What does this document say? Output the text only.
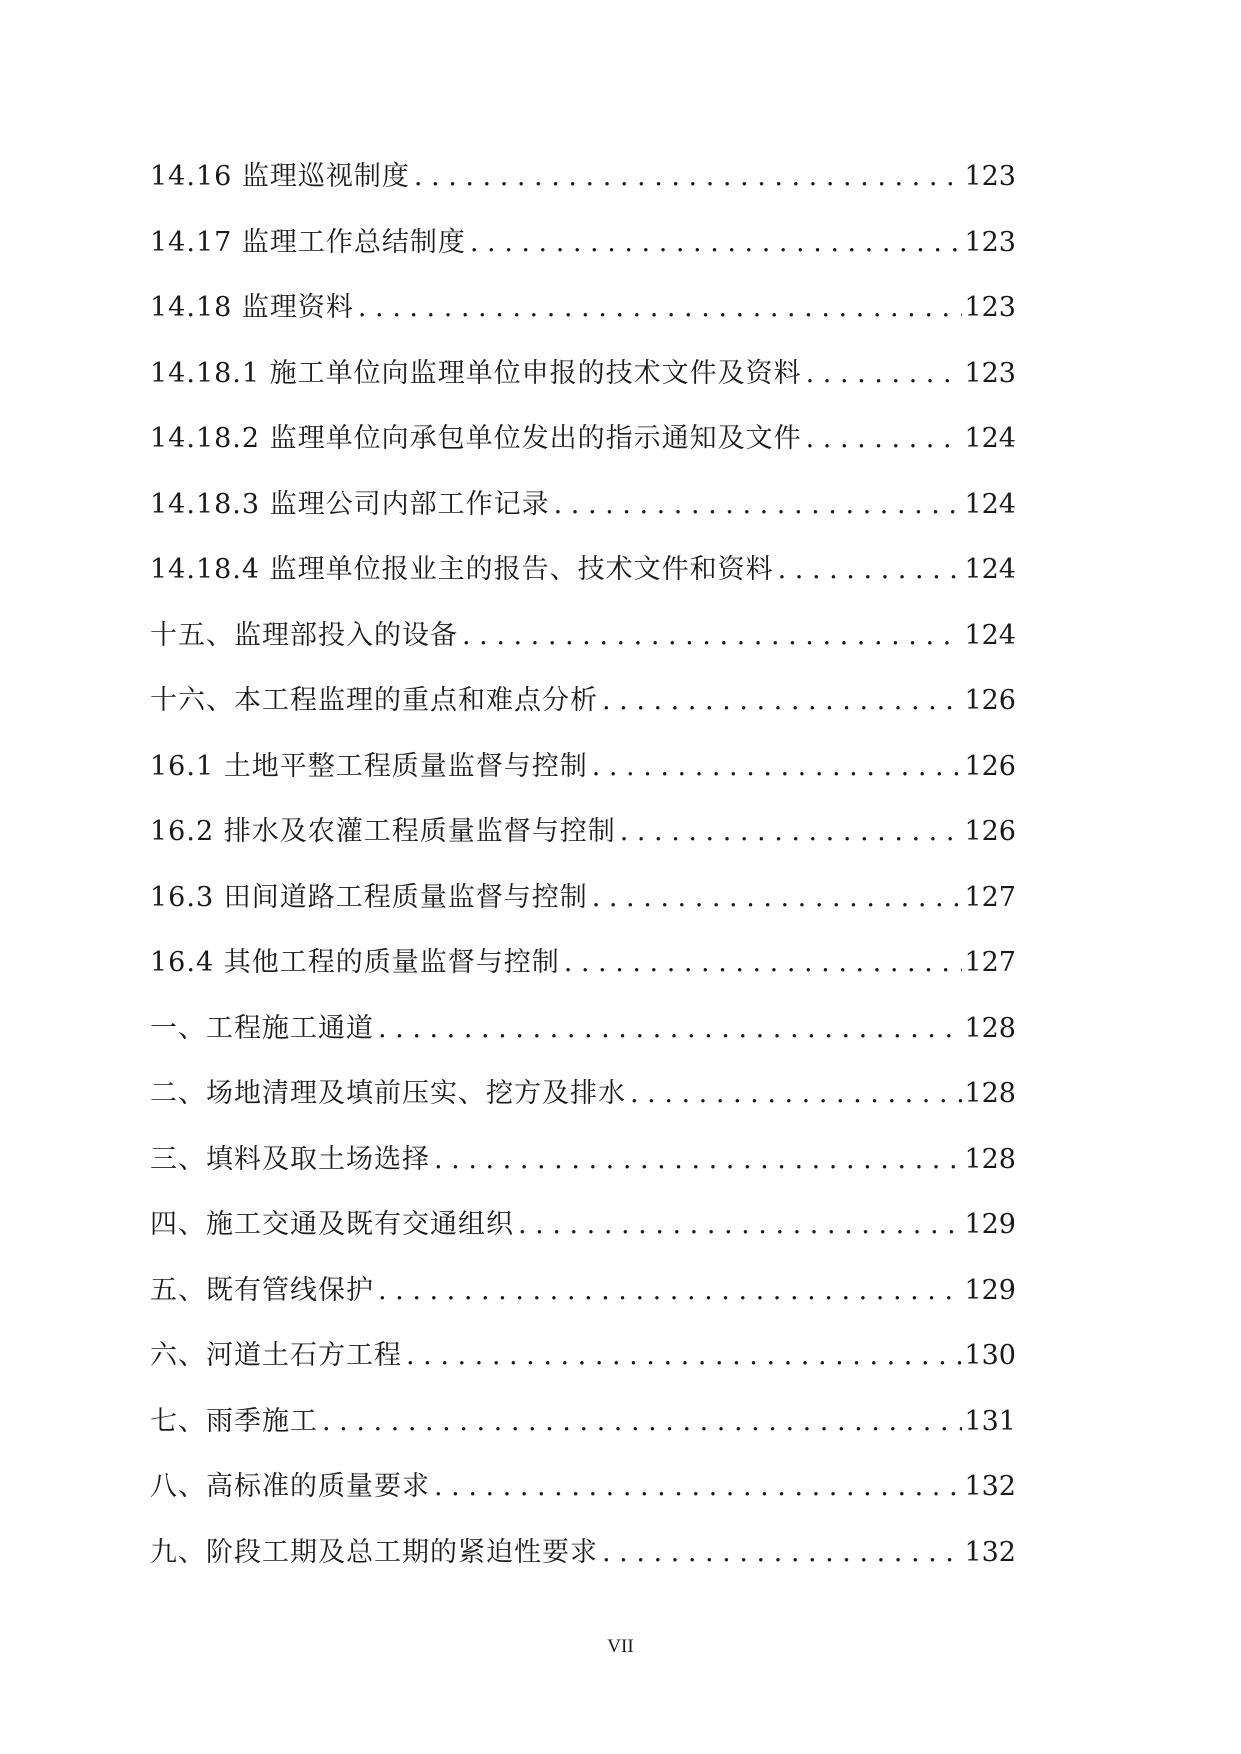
14.16 监理巡视制度 . . .	123
14.17 监理工作总结制度 . . .	123
14.18 监理资料 . . .	123
14.18.1 施工单位向监理单位申报的技术文件及资料 . . .	123
14.18.2 监理单位向承包单位发出的指示通知及文件 . . .	124
14.18.3 监理公司内部工作记录 . . .	124
14.18.4 监理单位报业主的报告、技术文件和资料 . . .	124
十五、监理部投入的设备 . . .	124
十六、本工程监理的重点和难点分析 . . .	126
16.1 土地平整工程质量监督与控制 . . .	126
16.2 排水及农灌工程质量监督与控制 . . .	126
16.3 田间道路工程质量监督与控制 . . .	127
16.4 其他工程的质量监督与控制 . . .	127
一、工程施工通道 . . .	128
二、场地清理及填前压实、挖方及排水 . . .	128
三、填料及取土场选择 . . .	128
四、施工交通及既有交通组织 . . .	129
五、既有管线保护 . . .	129
六、河道土石方工程 . . .	130
七、雨季施工 . . .	131
八、高标准的质量要求 . . .	132
九、阶段工期及总工期的紧迫性要求 . . .	132
VII
